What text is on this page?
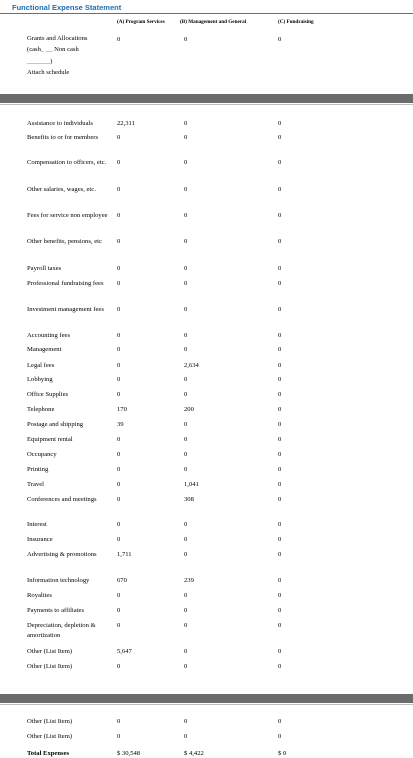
Functional Expense Statement
(A) Program Services	(B) Management and General	(C) Fundraising
Grants and Allocations
(cash_ __ Non cash
_______)
Attach schedule
0	0	0
Assistance to individuals	22,311	0	0
Benefits to or for members	0	0	0
Compensation to officers, etc.	0	0	0
Other salaries, wages, etc.	0	0	0
Fees for service non employee	0	0	0
Other benefits, pensions, etc	0	0	0
Payroll taxes	0	0	0
Professional fundraising fees	0	0	0
Investment management fees	0	0	0
Accounting fees	0	0	0
Management	0	0	0
Legal fees	0	2,634	0
Lobbying	0	0	0
Office Supplies	0	0	0
Telephone	170	200	0
Postage and shipping	39	0	0
Equipment rental	0	0	0
Occupancy	0	0	0
Printing	0	0	0
Travel	0	1,041	0
Conferences and meetings	0	308	0
Interest	0	0	0
Insurance	0	0	0
Advertising & promotions	1,711	0	0
Information technology	670	239	0
Royalties	0	0	0
Payments to affiliates	0	0	0
Depreciation, depletion & amortization
0	0	0
Other (List Item)	5,647	0	0
Other (List Item)	0	0	0
Other (List Item)	0	0	0
Other (List Item)	0	0	0
Total Expenses	$ 30,548	$ 4,422	$ 0
